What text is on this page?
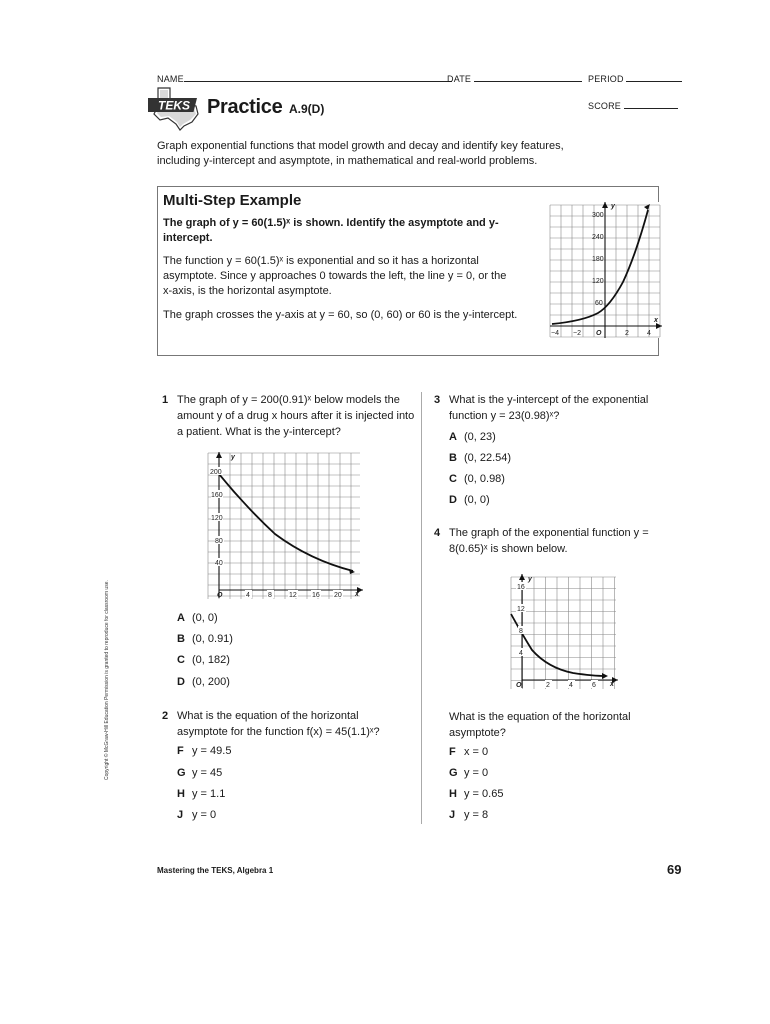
NAME	DATE	PERIOD
SCORE
TEKS Practice A.9(D)
Graph exponential functions that model growth and decay and identify key features, including y-intercept and asymptote, in mathematical and real-world problems.
Multi-Step Example
The graph of y = 60(1.5)ˣ is shown. Identify the asymptote and y-intercept.
The function y = 60(1.5)ˣ is exponential and so it has a horizontal asymptote. Since y approaches 0 towards the left, the line y = 0, or the x-axis, is the horizontal asymptote.
The graph crosses the y-axis at y = 60, so (0, 60) or 60 is the y-intercept.
y
x
300
240
180
120
60
−4 −2 O	2	4
1 The graph of y = 200(0.91)ˣ below models the amount y of a drug x hours after it is injected into a patient. What is the y-intercept?
y
x
200
160
120
80
40
O	4	8 12 16 20
A (0, 0)
B (0, 0.91)
C (0, 182)
D (0, 200)
2 What is the equation of the horizontal asymptote for the function f(x) = 45(1.1)ˣ?
F y = 49.5
G y = 45
H y = 1.1
J y = 0
3 What is the y-intercept of the exponential function y = 23(0.98)ˣ?
A (0, 23)
B (0, 22.54)
C (0, 0.98)
D (0, 0)
4 The graph of the exponential function y = 8(0.65)ˣ is shown below.
y
x
16
12
8
4
O	2	4	6
What is the equation of the horizontal asymptote?
F x = 0
G y = 0
H y = 0.65
J y = 8
Copyright © McGraw-Hill Education Permission is granted to reproduce for classroom use.
Mastering the TEKS, Algebra 1	69
